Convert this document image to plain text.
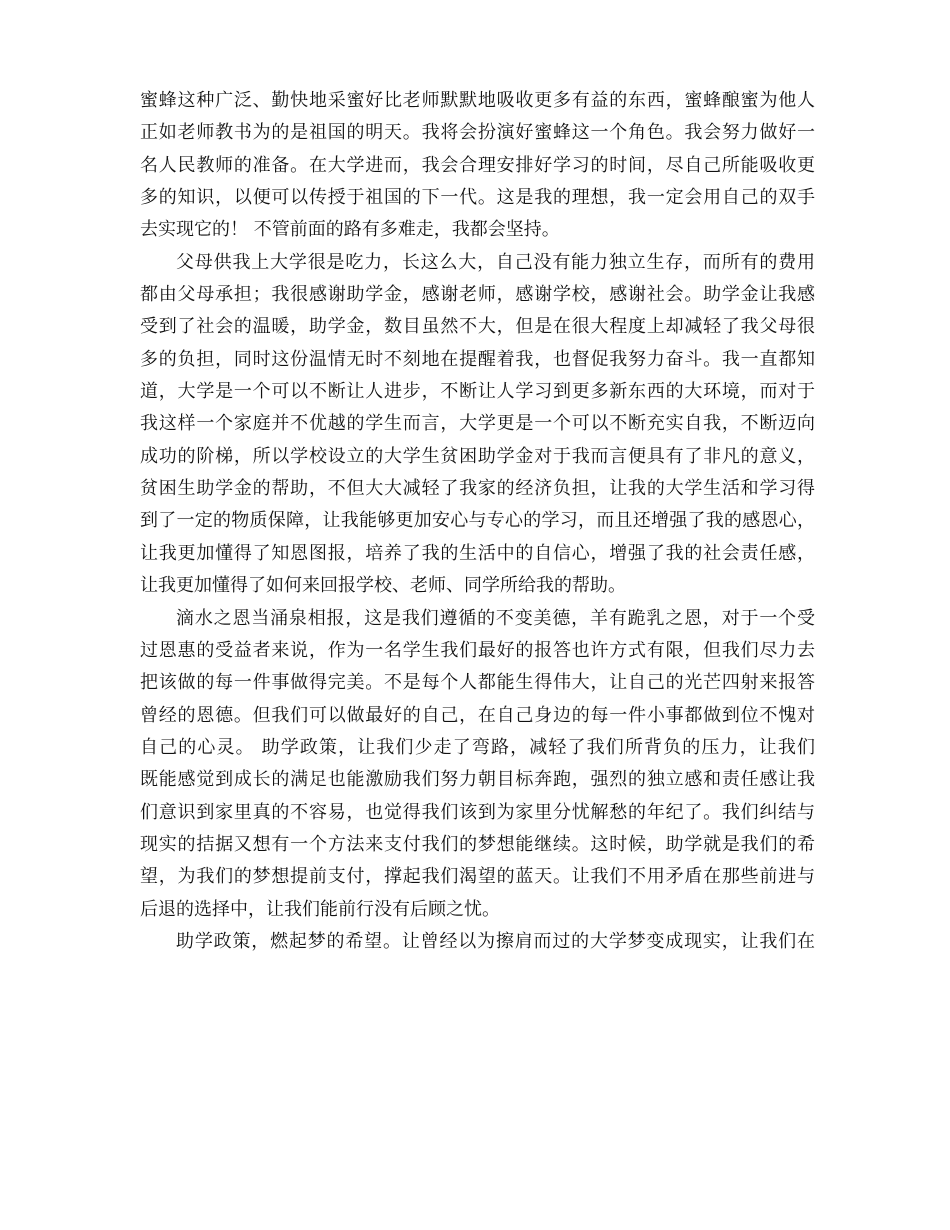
蜜蜂这种广泛、勤快地采蜜好比老师默默地吸收更多有益的东西，蜜蜂酿蜜为他人
正如老师教书为的是祖国的明天。我将会扮演好蜜蜂这一个角色。我会努力做好一
名人民教师的准备。在大学进而，我会合理安排好学习的时间，尽自己所能吸收更
多的知识，以便可以传授于祖国的下一代。这是我的理想，我一定会用自己的双手
去实现它的！ 不管前面的路有多难走，我都会坚持。
父母供我上大学很是吃力，长这么大，自己没有能力独立生存，而所有的费用
都由父母承担；我很感谢助学金，感谢老师，感谢学校，感谢社会。助学金让我感
受到了社会的温暖，助学金，数目虽然不大，但是在很大程度上却减轻了我父母很
多的负担，同时这份温情无时不刻地在提醒着我，也督促我努力奋斗。我一直都知
道，大学是一个可以不断让人进步，不断让人学习到更多新东西的大环境，而对于
我这样一个家庭并不优越的学生而言，大学更是一个可以不断充实自我，不断迈向
成功的阶梯，所以学校设立的大学生贫困助学金对于我而言便具有了非凡的意义，
贫困生助学金的帮助，不但大大减轻了我家的经济负担，让我的大学生活和学习得
到了一定的物质保障，让我能够更加安心与专心的学习，而且还增强了我的感恩心，
让我更加懂得了知恩图报，培养了我的生活中的自信心，增强了我的社会责任感，
让我更加懂得了如何来回报学校、老师、同学所给我的帮助。
滴水之恩当涌泉相报，这是我们遵循的不变美德，羊有跪乳之恩，对于一个受
过恩惠的受益者来说，作为一名学生我们最好的报答也许方式有限，但我们尽力去
把该做的每一件事做得完美。不是每个人都能生得伟大，让自己的光芒四射来报答
曾经的恩德。但我们可以做最好的自己，在自己身边的每一件小事都做到位不愧对
自己的心灵。 助学政策，让我们少走了弯路，减轻了我们所背负的压力，让我们
既能感觉到成长的满足也能激励我们努力朝目标奔跑，强烈的独立感和责任感让我
们意识到家里真的不容易，也觉得我们该到为家里分忧解愁的年纪了。我们纠结与
现实的拮据又想有一个方法来支付我们的梦想能继续。这时候，助学就是我们的希
望，为我们的梦想提前支付，撑起我们渴望的蓝天。让我们不用矛盾在那些前进与
后退的选择中，让我们能前行没有后顾之忧。
助学政策，燃起梦的希望。让曾经以为擦肩而过的大学梦变成现实，让我们在
